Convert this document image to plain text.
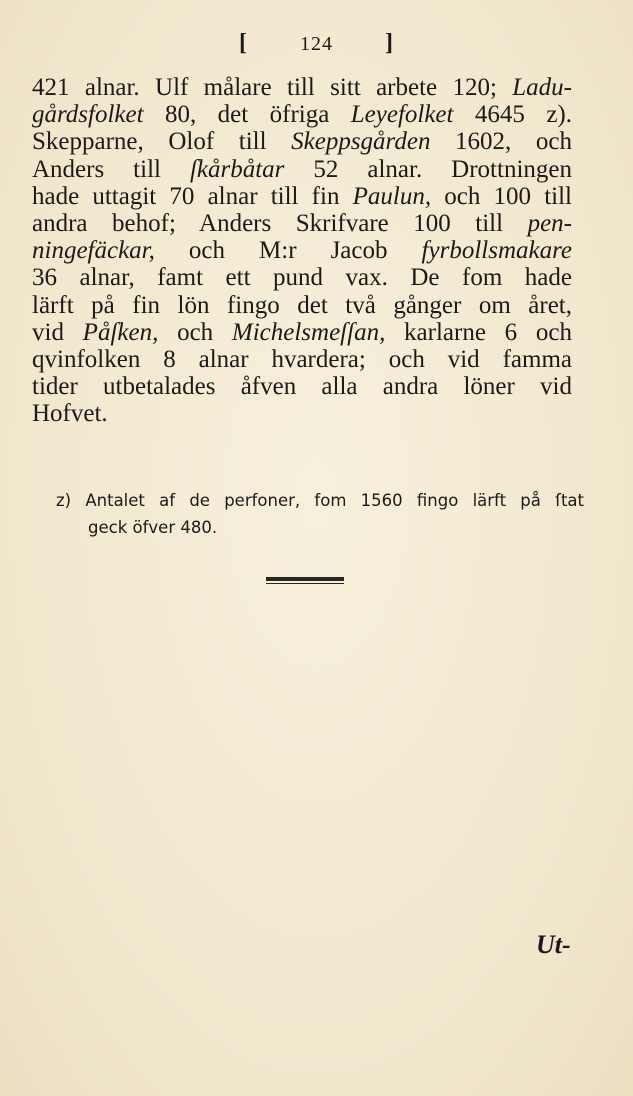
[	124 ]
421 alnar. Ulf målare till sitt arbete 120; Ladu-
gårdsfolket 80, det öfriga Leyefolket 4645 z).
Skepparne, Olof till Skeppsgården 1602, och
Anders till ſkårbåtar 52 alnar. Drottningen
hade uttagit 70 alnar till fin Paulun, och 100 till
andra behof; Anders Skrifvare 100 till pen-
ningefäckar, och M:r Jacob fyrbollsmakare
36 alnar, famt ett pund vax. De fom hade
lärft på fin lön fingo det två gånger om året,
vid Påſken, och Michelsmeſſan, karlarne 6 och
qvinfolken 8 alnar hvardera; och vid famma
tider utbetalades åfven alla andra löner vid
Hofvet.
z) Antalet af de perfoner, fom 1560 fingo lärft på ſtat
geck öfver 480.
Ut-
